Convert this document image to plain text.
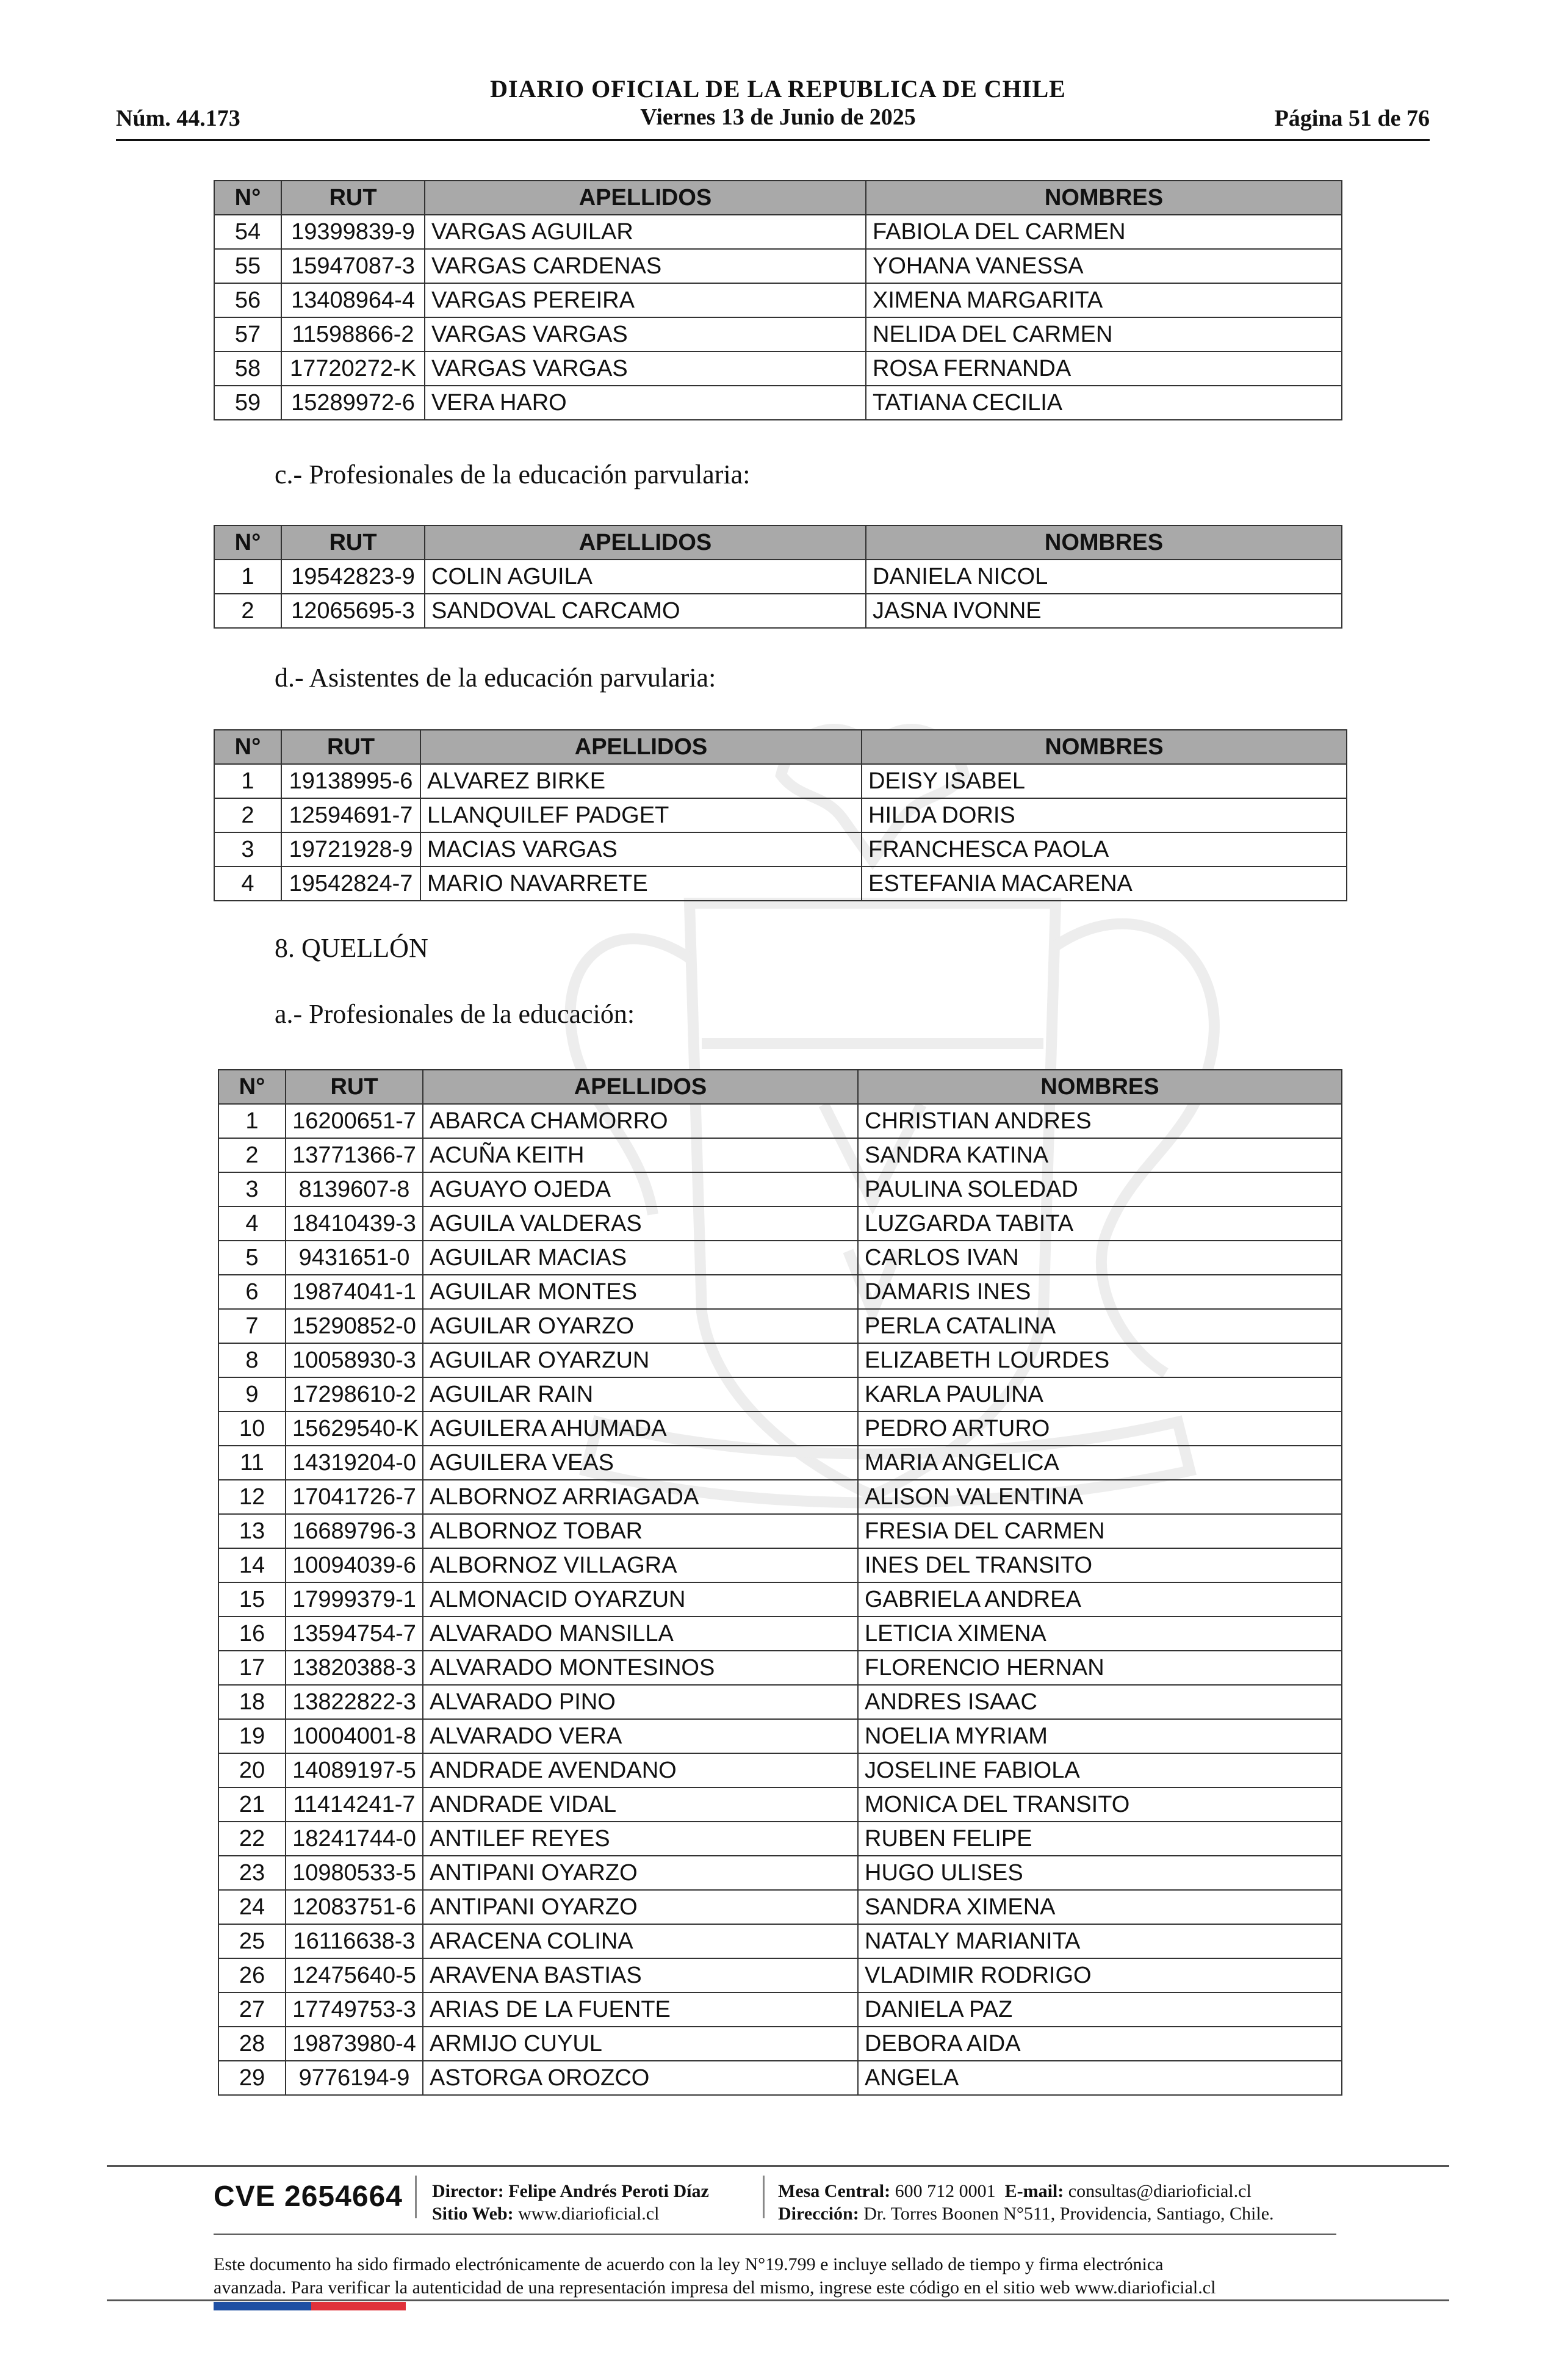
DIARIO OFICIAL DE LA REPUBLICA DE CHILE
Viernes 13 de Junio de 2025
Núm. 44.173	Página 51 de 76
N°	RUT	APELLIDOS	NOMBRES
54	19399839-9	VARGAS AGUILAR	FABIOLA DEL CARMEN
55	15947087-3	VARGAS CARDENAS	YOHANA VANESSA
56	13408964-4	VARGAS PEREIRA	XIMENA MARGARITA
57	11598866-2	VARGAS VARGAS	NELIDA DEL CARMEN
58	17720272-K	VARGAS VARGAS	ROSA FERNANDA
59	15289972-6	VERA HARO	TATIANA CECILIA
c.- Profesionales de la educación parvularia:
N°	RUT	APELLIDOS	NOMBRES
1	19542823-9	COLIN AGUILA	DANIELA NICOL
2	12065695-3	SANDOVAL CARCAMO	JASNA IVONNE
d.- Asistentes de la educación parvularia:
N°	RUT	APELLIDOS	NOMBRES
1	19138995-6	ALVAREZ BIRKE	DEISY ISABEL
2	12594691-7	LLANQUILEF PADGET	HILDA DORIS
3	19721928-9	MACIAS VARGAS	FRANCHESCA PAOLA
4	19542824-7	MARIO NAVARRETE	ESTEFANIA MACARENA
8. QUELLÓN
a.- Profesionales de la educación:
N°	RUT	APELLIDOS	NOMBRES
1	16200651-7	ABARCA CHAMORRO	CHRISTIAN ANDRES
2	13771366-7	ACUÑA KEITH	SANDRA KATINA
3	8139607-8	AGUAYO OJEDA	PAULINA SOLEDAD
4	18410439-3	AGUILA VALDERAS	LUZGARDA TABITA
5	9431651-0	AGUILAR MACIAS	CARLOS IVAN
6	19874041-1	AGUILAR MONTES	DAMARIS INES
7	15290852-0	AGUILAR OYARZO	PERLA CATALINA
8	10058930-3	AGUILAR OYARZUN	ELIZABETH LOURDES
9	17298610-2	AGUILAR RAIN	KARLA PAULINA
10	15629540-K	AGUILERA AHUMADA	PEDRO ARTURO
11	14319204-0	AGUILERA VEAS	MARIA ANGELICA
12	17041726-7	ALBORNOZ ARRIAGADA	ALISON VALENTINA
13	16689796-3	ALBORNOZ TOBAR	FRESIA DEL CARMEN
14	10094039-6	ALBORNOZ VILLAGRA	INES DEL TRANSITO
15	17999379-1	ALMONACID OYARZUN	GABRIELA ANDREA
16	13594754-7	ALVARADO MANSILLA	LETICIA XIMENA
17	13820388-3	ALVARADO MONTESINOS	FLORENCIO HERNAN
18	13822822-3	ALVARADO PINO	ANDRES ISAAC
19	10004001-8	ALVARADO VERA	NOELIA MYRIAM
20	14089197-5	ANDRADE AVENDANO	JOSELINE FABIOLA
21	11414241-7	ANDRADE VIDAL	MONICA DEL TRANSITO
22	18241744-0	ANTILEF REYES	RUBEN FELIPE
23	10980533-5	ANTIPANI OYARZO	HUGO ULISES
24	12083751-6	ANTIPANI OYARZO	SANDRA XIMENA
25	16116638-3	ARACENA COLINA	NATALY MARIANITA
26	12475640-5	ARAVENA BASTIAS	VLADIMIR RODRIGO
27	17749753-3	ARIAS DE LA FUENTE	DANIELA PAZ
28	19873980-4	ARMIJO CUYUL	DEBORA AIDA
29	9776194-9	ASTORGA OROZCO	ANGELA
CVE 2654664 Director: Felipe Andrés Peroti Díaz
Sitio Web: www.diarioficial.cl
Mesa Central: 600 712 0001 E-mail: consultas@diarioficial.cl
Dirección: Dr. Torres Boonen N°511, Providencia, Santiago, Chile.
Este documento ha sido firmado electrónicamente de acuerdo con la ley N°19.799 e incluye sellado de tiempo y firma electrónica
avanzada. Para verificar la autenticidad de una representación impresa del mismo, ingrese este código en el sitio web www.diarioficial.cl
